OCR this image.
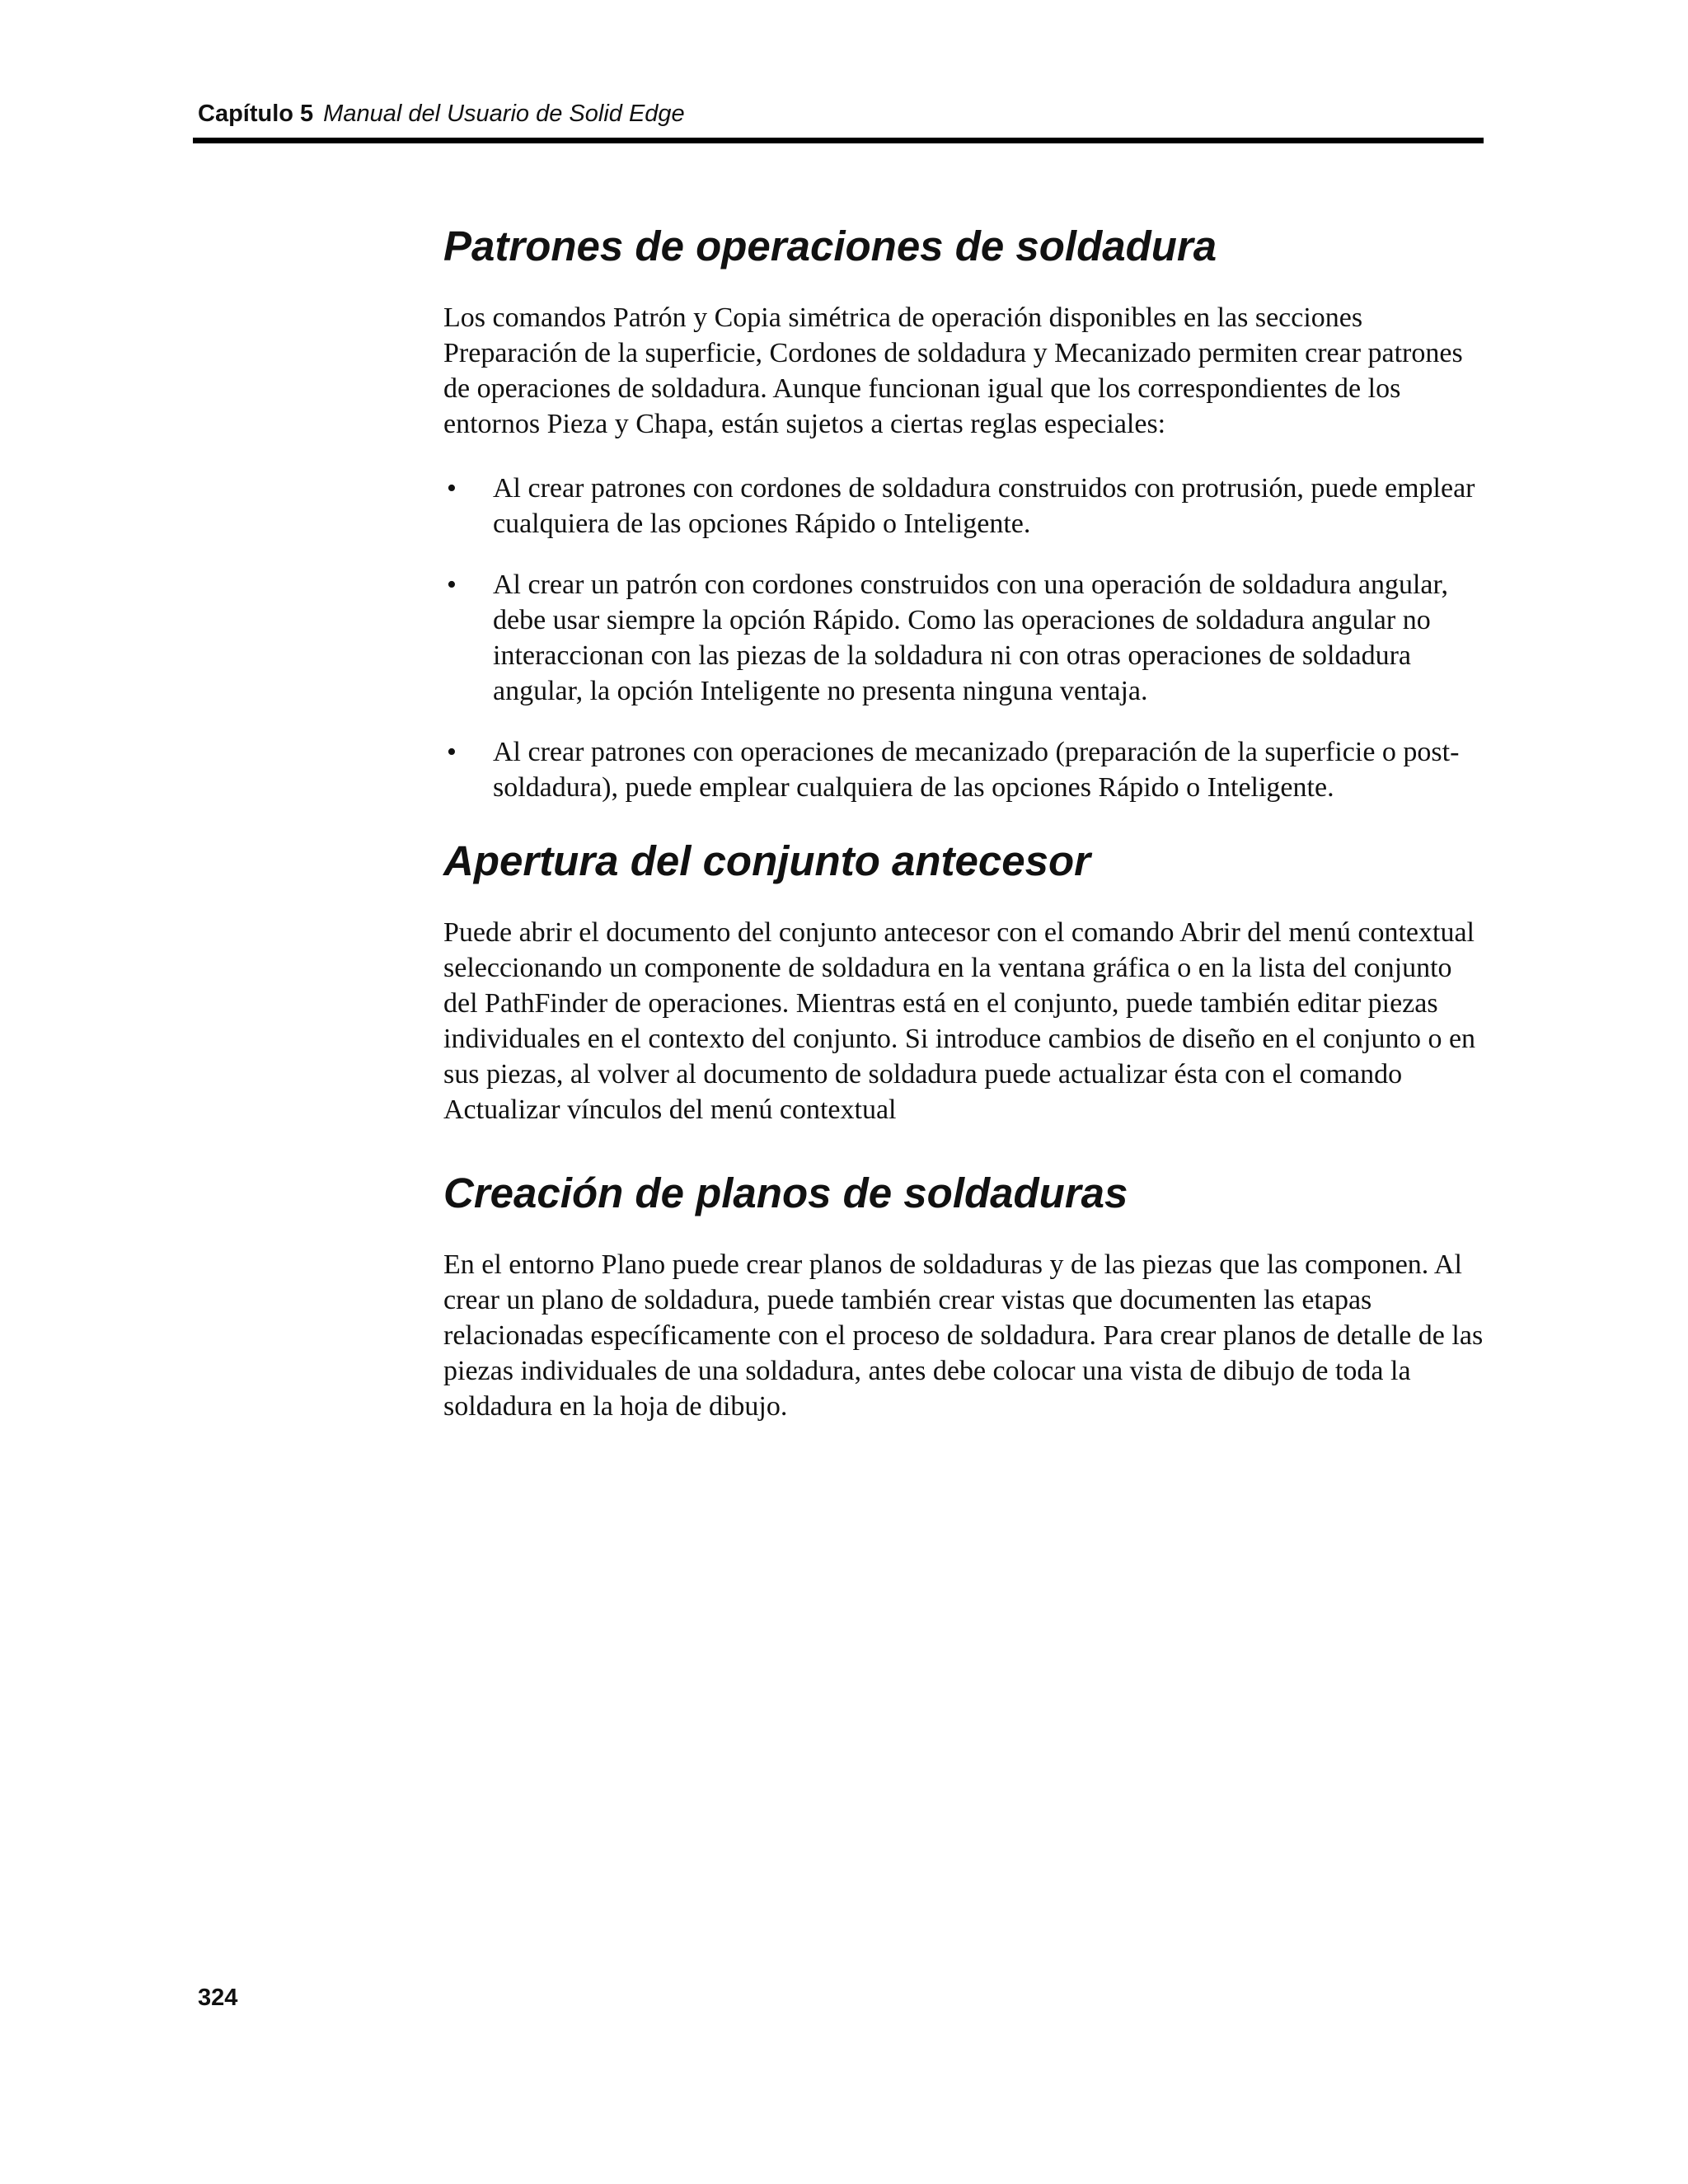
Capítulo 5 Manual del Usuario de Solid Edge
Patrones de operaciones de soldadura

Los comandos Patrón y Copia simétrica de operación disponibles en las secciones Preparación de la superficie, Cordones de soldadura y Mecanizado permiten crear patrones de operaciones de soldadura. Aunque funcionan igual que los correspondientes de los entornos Pieza y Chapa, están sujetos a ciertas reglas especiales:

• Al crear patrones con cordones de soldadura construidos con protrusión, puede emplear cualquiera de las opciones Rápido o Inteligente.
• Al crear un patrón con cordones construidos con una operación de soldadura angular, debe usar siempre la opción Rápido. Como las operaciones de soldadura angular no interaccionan con las piezas de la soldadura ni con otras operaciones de soldadura angular, la opción Inteligente no presenta ninguna ventaja.
• Al crear patrones con operaciones de mecanizado (preparación de la superficie o post-soldadura), puede emplear cualquiera de las opciones Rápido o Inteligente.
Apertura del conjunto antecesor

Puede abrir el documento del conjunto antecesor con el comando Abrir del menú contextual seleccionando un componente de soldadura en la ventana gráfica o en la lista del conjunto del PathFinder de operaciones. Mientras está en el conjunto, puede también editar piezas individuales en el contexto del conjunto. Si introduce cambios de diseño en el conjunto o en sus piezas, al volver al documento de soldadura puede actualizar ésta con el comando Actualizar vínculos del menú contextual

Creación de planos de soldaduras

En el entorno Plano puede crear planos de soldaduras y de las piezas que las componen. Al crear un plano de soldadura, puede también crear vistas que documenten las etapas relacionadas específicamente con el proceso de soldadura. Para crear planos de detalle de las piezas individuales de una soldadura, antes debe colocar una vista de dibujo de toda la soldadura en la hoja de dibujo.

324
